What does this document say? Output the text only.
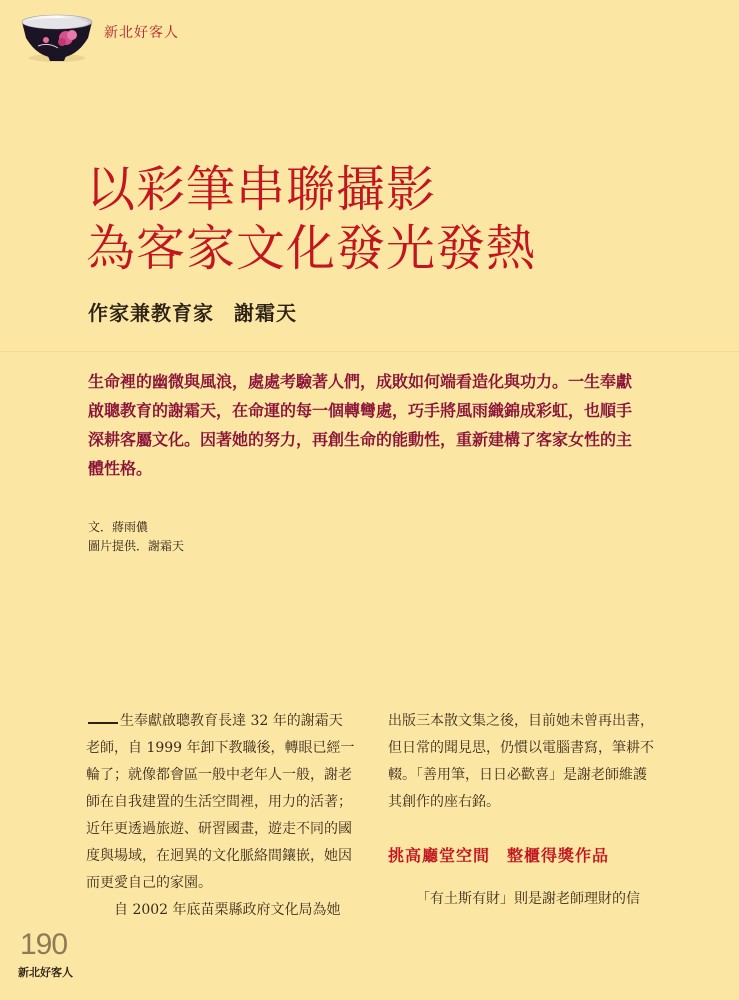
新北好客人
以彩筆串聯攝影
為客家文化發光發熱
作家兼教育家 謝霜天

生命裡的幽微與風浪，處處考驗著人們，成敗如何端看造化與功力。一生奉獻啟聰教育的謝霜天，在命運的每一個轉彎處，巧手將風雨織錦成彩虹，也順手深耕客屬文化。因著她的努力，再創生命的能動性，重新建構了客家女性的主體性格。

文．蔣雨儂
圖片提供．謝霜天

生奉獻啟聰教育長達 32 年的謝霜天老師，自 1999 年卸下教職後，轉眼已經一輪了；就像都會區一般中老年人一般，謝老師在自我建置的生活空間裡，用力的活著；近年更透過旅遊、研習國畫，遊走不同的國度與場域，在迥異的文化脈絡間鑲嵌，她因而更愛自己的家園。

自 2002 年底苗栗縣政府文化局為她

出版三本散文集之後，目前她未曾再出書，但日常的聞見思，仍慣以電腦書寫，筆耕不輟。「善用筆，日日必歡喜」是謝老師維護其創作的座右銘。

挑高廳堂空間　整櫃得獎作品
「有土斯有財」則是謝老師理財的信
190
新北好客人
